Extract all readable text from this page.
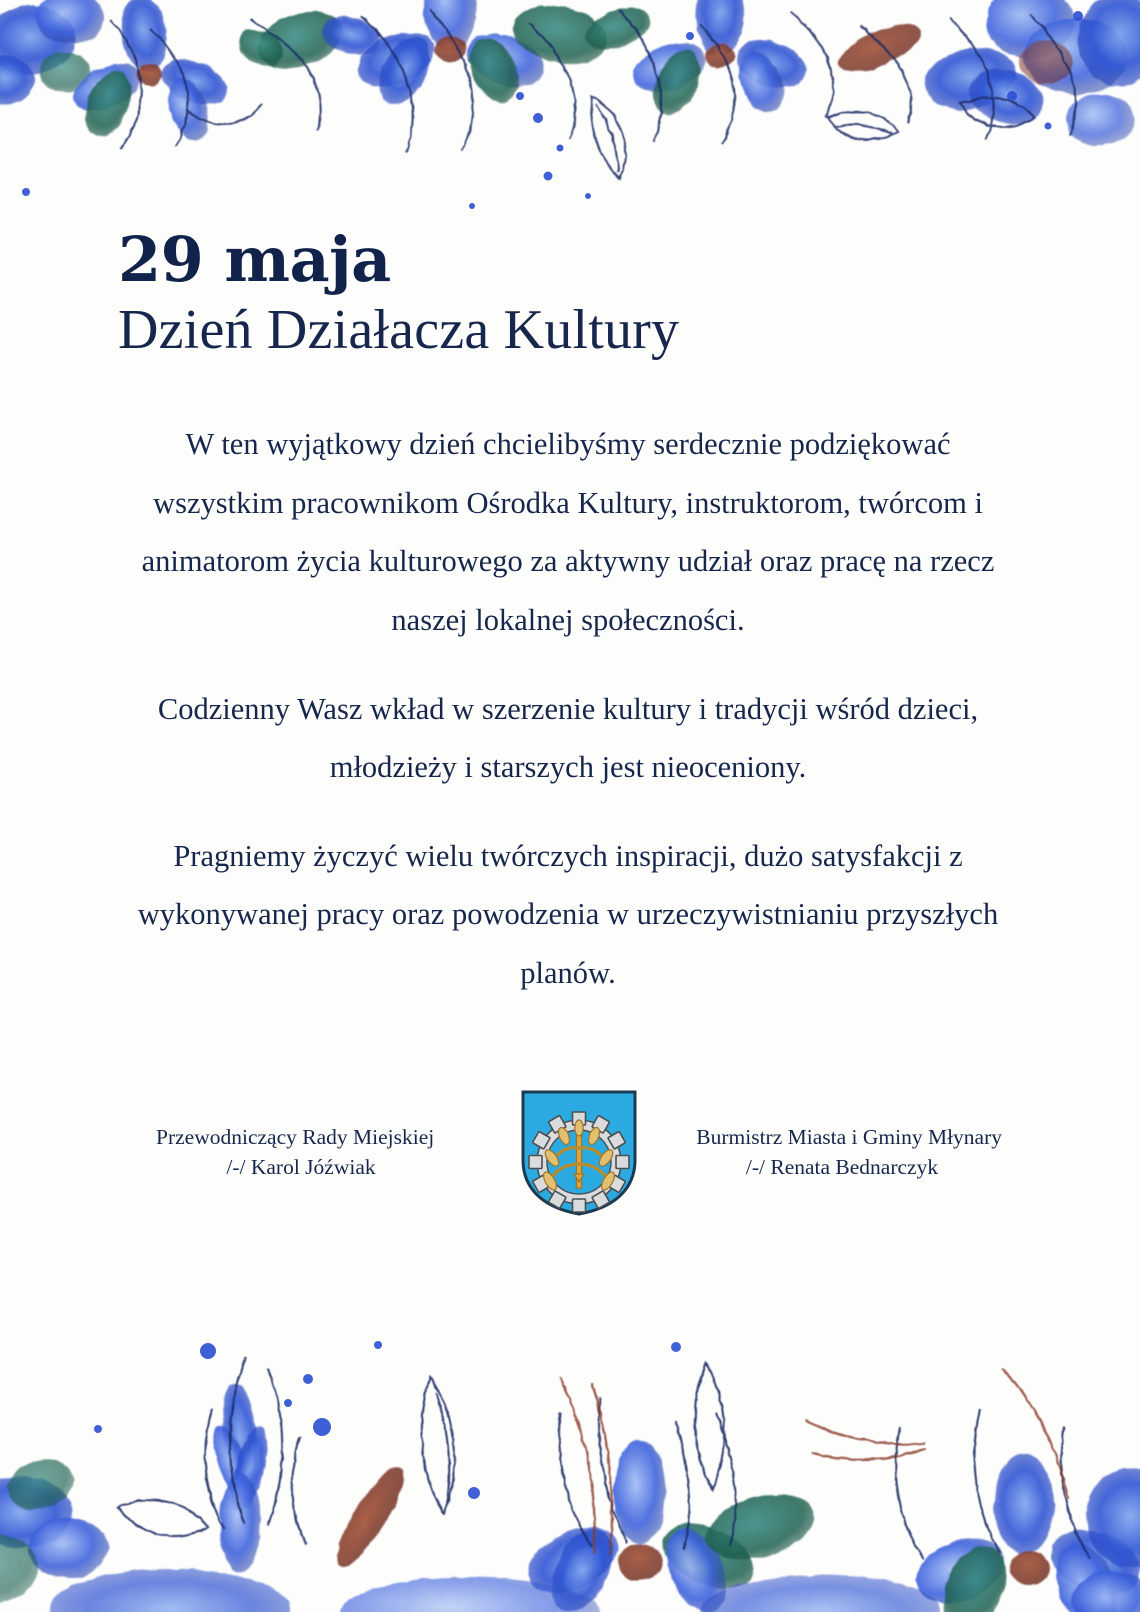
29 maja
Dzień Działacza Kultury

W ten wyjątkowy dzień chcielibyśmy serdecznie podziękować wszystkim pracownikom Ośrodka Kultury, instruktorom, twórcom i animatorom życia kulturowego za aktywny udział oraz pracę na rzecz naszej lokalnej społeczności.

Codzienny Wasz wkład w szerzenie kultury i tradycji wśród dzieci, młodzieży i starszych jest nieoceniony.

Pragniemy życzyć wielu twórczych inspiracji, dużo satysfakcji z wykonywanej pracy oraz powodzenia w urzeczywistnianiu przyszłych planów.

Przewodniczący Rady Miejskiej
/-/ Karol Jóźwiak
Burmistrz Miasta i Gminy Młynary
/-/ Renata Bednarczyk
